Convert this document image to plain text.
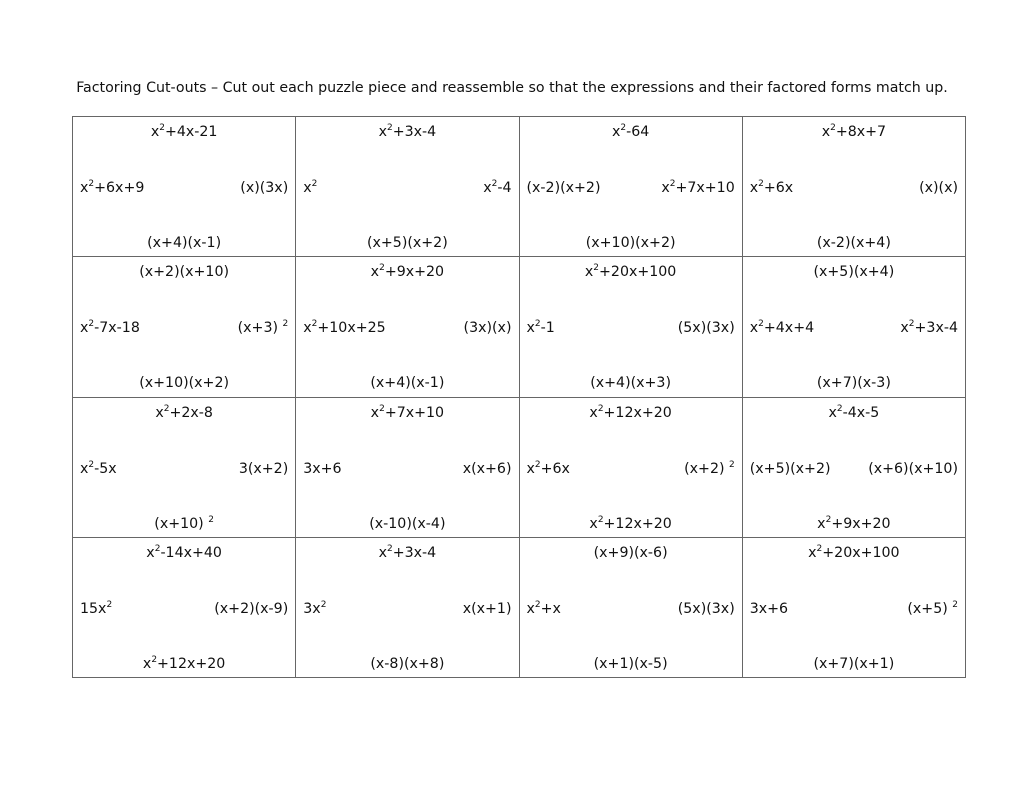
Factoring Cut-outs – Cut out each puzzle piece and reassemble so that the expressions and their factored forms match up.
$x^2+4x-21$
$x^2+6x+9$	(x)(3x)
(x+4)(x-1)
$x^2+3x-4$
$x^2$	$x^2-4$
(x+5)(x+2)
$x^2-64$
(x-2)(x+2)	$x^2+7x+10$
(x+10)(x+2)
$x^2+8x+7$
$x^2+6x$	(x)(x)
(x-2)(x+4)
(x+2)(x+10)
$x^2-7x-18$	(x+3) $^2$
(x+10)(x+2)
$x^2+9x+20$
$x^2+10x+25$	(3x)(x)
(x+4)(x-1)
$x^2+20x+100$
$x^2-1$	(5x)(3x)
(x+4)(x+3)
(x+5)(x+4)
$x^2+4x+4$	$x^2+3x-4$
(x+7)(x-3)
$x^2+2x-8$
$x^2-5x$	3(x+2)
(x+10) $^2$
$x^2+7x+10$
3x+6	x(x+6)
(x-10)(x-4)
$x^2+12x+20$
$x^2+6x$	(x+2) $^2$
$x^2+12x+20$
$x^2-4x-5$
(x+5)(x+2)	(x+6)(x+10)
$x^2+9x+20$
$x^2-14x+40$
$15x^2$	(x+2)(x-9)
$x^2+12x+20$
$x^2+3x-4$
$3x^2$	x(x+1)
(x-8)(x+8)
(x+9)(x-6)
$x^2+x$	(5x)(3x)
(x+1)(x-5)
$x^2+20x+100$
3x+6	(x+5) $^2$
(x+7)(x+1)
